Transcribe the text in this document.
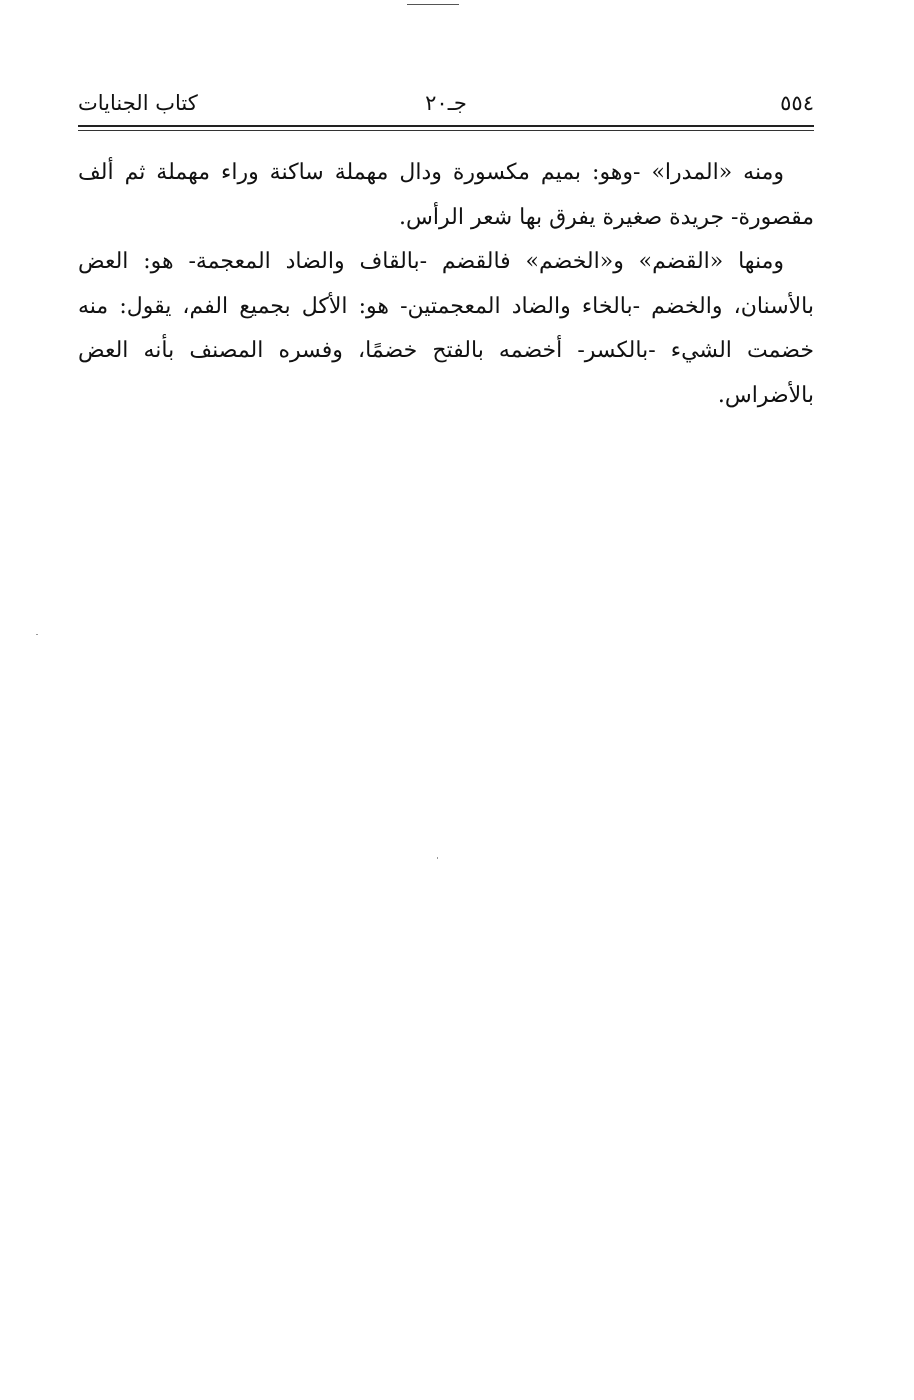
٥٥٤
جـ٢٠
كتاب الجنايات

ومنه «المدرا» -وهو: بميم مكسورة ودال مهملة ساكنة وراء مهملة ثم ألف مقصورة- جريدة صغيرة يفرق بها شعر الرأس.

ومنها «القضم» و«الخضم» فالقضم -بالقاف والضاد المعجمة- هو: العض بالأسنان، والخضم -بالخاء والضاد المعجمتين- هو: الأكل بجميع الفم، يقول: منه خضمت الشيء -بالكسر- أخضمه بالفتح خضمًا، وفسره المصنف بأنه العض بالأضراس.
